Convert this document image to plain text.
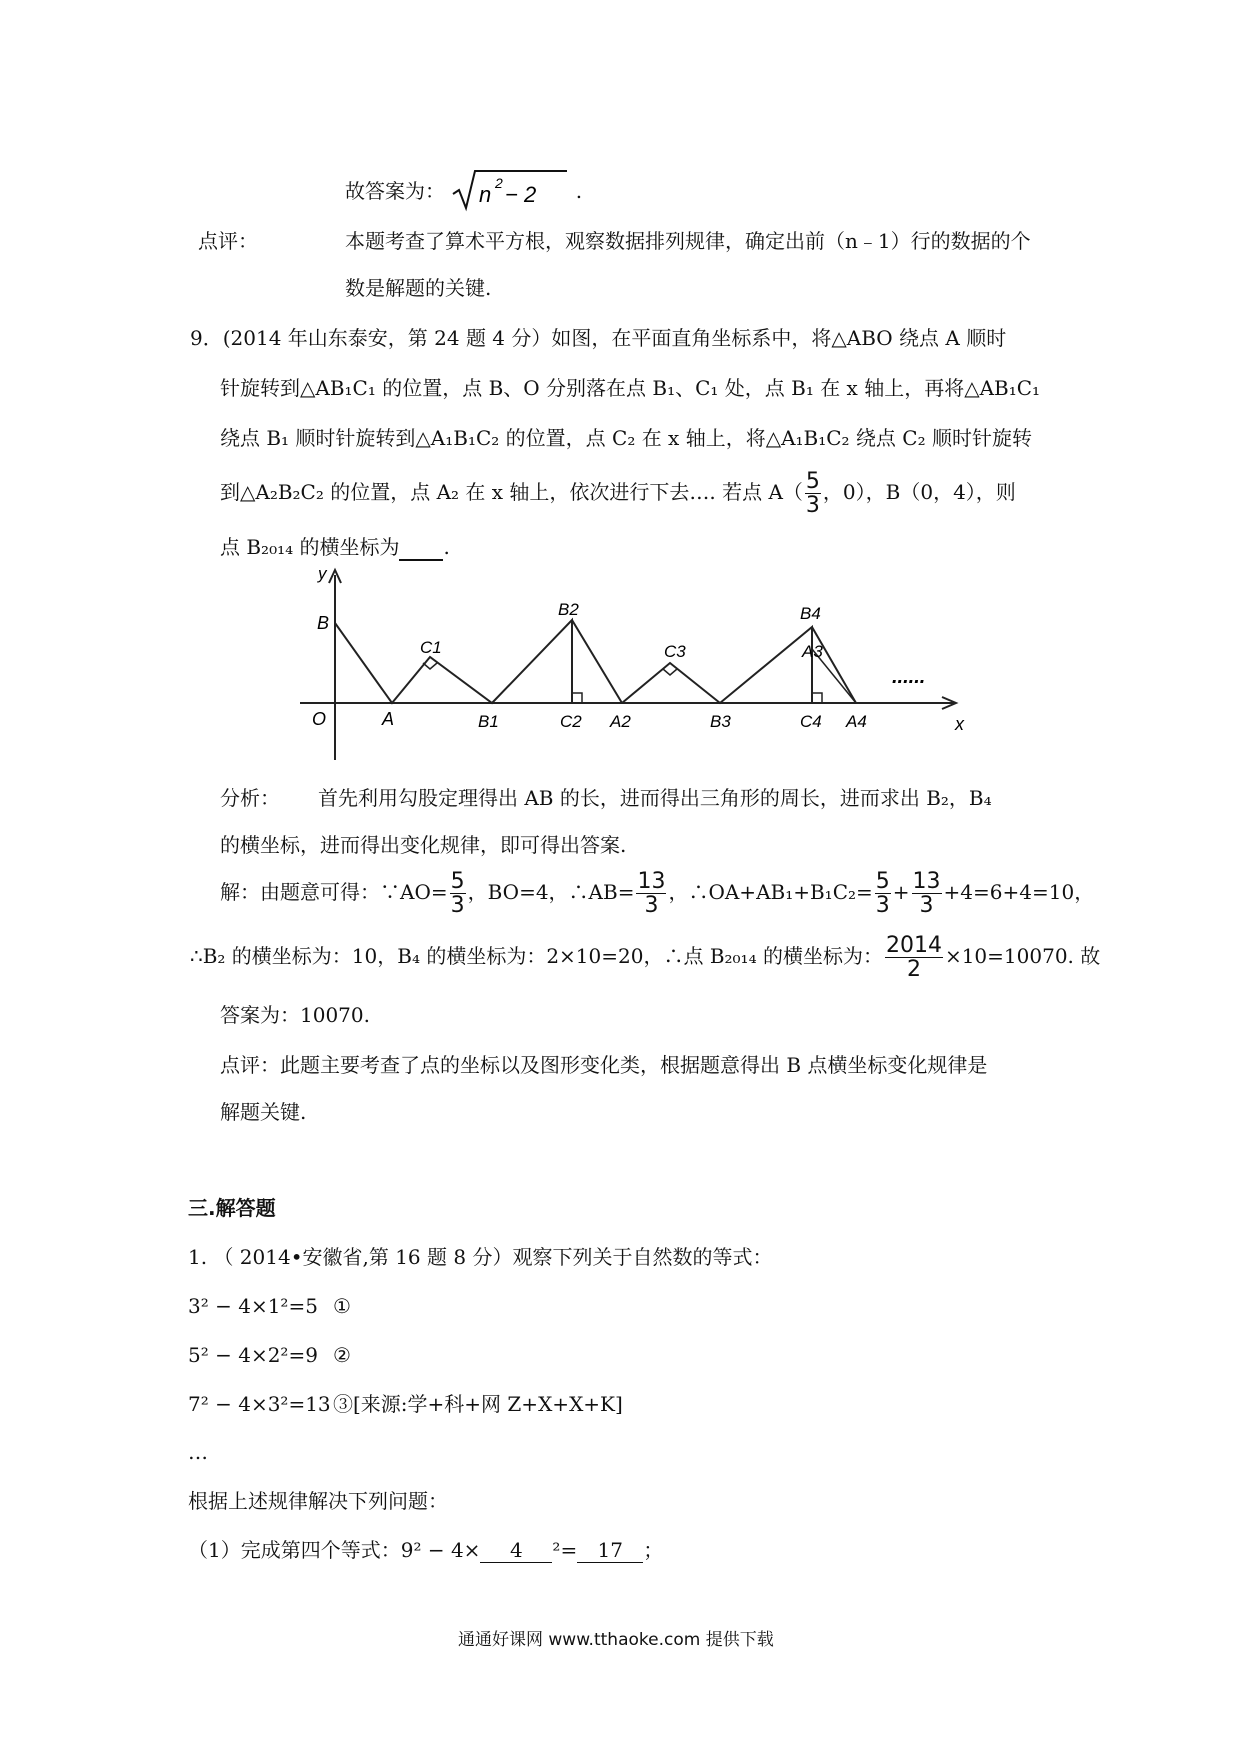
故答案为： n 2 − 2 .
点评：	本题考查了算术平方根，观察数据排列规律，确定出前（n﹣1）行的数据的个
数是解题的关键.
9．(2014 年山东泰安，第 24 题 4 分）如图，在平面直角坐标系中，将△ABO 绕点 A 顺时
针旋转到△AB₁C₁ 的位置，点 B、O 分别落在点 B₁、C₁ 处，点 B₁ 在 x 轴上，再将△AB₁C₁
绕点 B₁ 顺时针旋转到△A₁B₁C₂ 的位置，点 C₂ 在 x 轴上，将△A₁B₁C₂ 绕点 C₂ 顺时针旋转
到△A₂B₂C₂ 的位置，点 A₂ 在 x 轴上，依次进行下去…. 若点 $A( \frac{5}{3}$ ，0），B（0，4），则
点 B₂₀₁₄ 的横坐标为 .
y
x
B
O	A
C1
B1
B2
C2 A2
C3
B3
B4
A3
C4 A4
......
分析： 首先利用勾股定理得出 AB 的长，进而得出三角形的周长，进而求出 B₂，B₄
的横坐标，进而得出变化规律，即可得出答案.
解：由题意可得：∵AO= $\frac{5}{3}$ ，BO=4，∴AB= $\frac{13}{3}$ ，∴OA+AB₁+B₁C₂= $\frac{5}{3} + \frac{13}{3} +4=6+4=10$，
∴B₂ 的横坐标为：10，B₄ 的横坐标为：2×10=20，∴点 B₂₀₁₄ 的横坐标为： $\frac{2014}{2} \times 10=10070$. 故
答案为：10070.
点评：此题主要考查了点的坐标以及图形变化类，根据题意得出 B 点横坐标变化规律是
解题关键.
三.解答题
1. （ 2014•安徽省,第 16 题 8 分）观察下列关于自然数的等式：
3² − 4×1²=5 ①
5² − 4×2²=9 ②
7² − 4×3²=13 ③[来源:学+科+网 Z+X+X+K]
…
根据上述规律解决下列问题：
（1）完成第四个等式：9² − 4× 4 ²= 17 ；
通通好课网 www.tthaoke.com 提供下载
